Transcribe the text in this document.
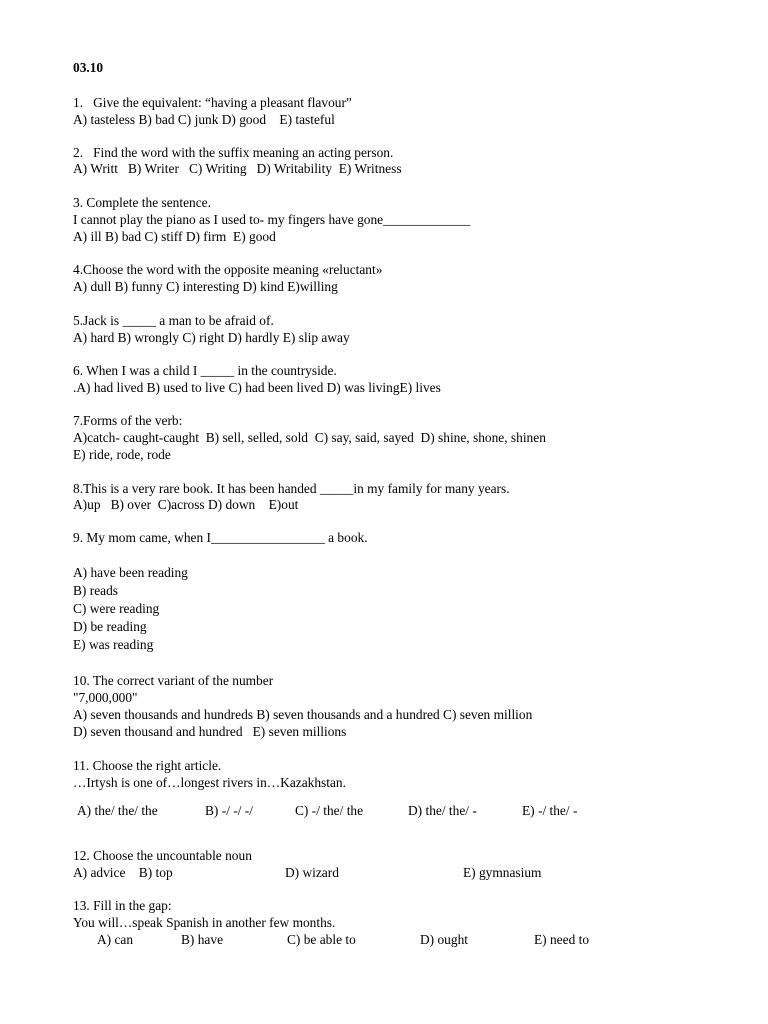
03.10

1.   Give the equivalent: “having a pleasant flavour”

A) tasteless B) bad C) junk D) good    E) tasteful

2.   Find the word with the suffix meaning an acting person.

A) Writt   B) Writer   C) Writing   D) Writability  E) Writness

3. Complete the sentence.

I cannot play the piano as I used to- my fingers have gone_____________

A) ill B) bad C) stiff D) firm  E) good

4.Choose the word with the opposite meaning «reluctant»

A) dull B) funny C) interesting D) kind E)willing

5.Jack is _____ a man to be afraid of.

A) hard B) wrongly C) right D) hardly E) slip away

6. When I was a child I _____ in the countryside.

.A) had lived B) used to live C) had been lived D) was livingE) lives

7.Forms of the verb:

A)catch- caught-caught  B) sell, selled, sold  C) say, said, sayed  D) shine, shone, shinen

E) ride, rode, rode

8.This is a very rare book. It has been handed _____in my family for many years.

A)up   B) over  C)across D) down    E)out

9. My mom came, when I_________________ a book.

A) have been reading

B) reads

C) were reading

D) be reading

E) was reading

10. The correct variant of the number

"7,000,000"

A) seven thousands and hundreds B) seven thousands and a hundred C) seven million

D) seven thousand and hundred   E) seven millions

11. Choose the right article.

…Irtysh is one of…longest rivers in…Kazakhstan.

A) the/ the/ the	B) -/ -/ -/	C) -/ the/ the	D) the/ the/ -	E) -/ the/ -

12. Choose the uncountable noun

A) advice    B) top	D) wizard	E) gymnasium

13. Fill in the gap:

You will…speak Spanish in another few months.

A) can	B) have	C) be able to	D) ought	E) need to
